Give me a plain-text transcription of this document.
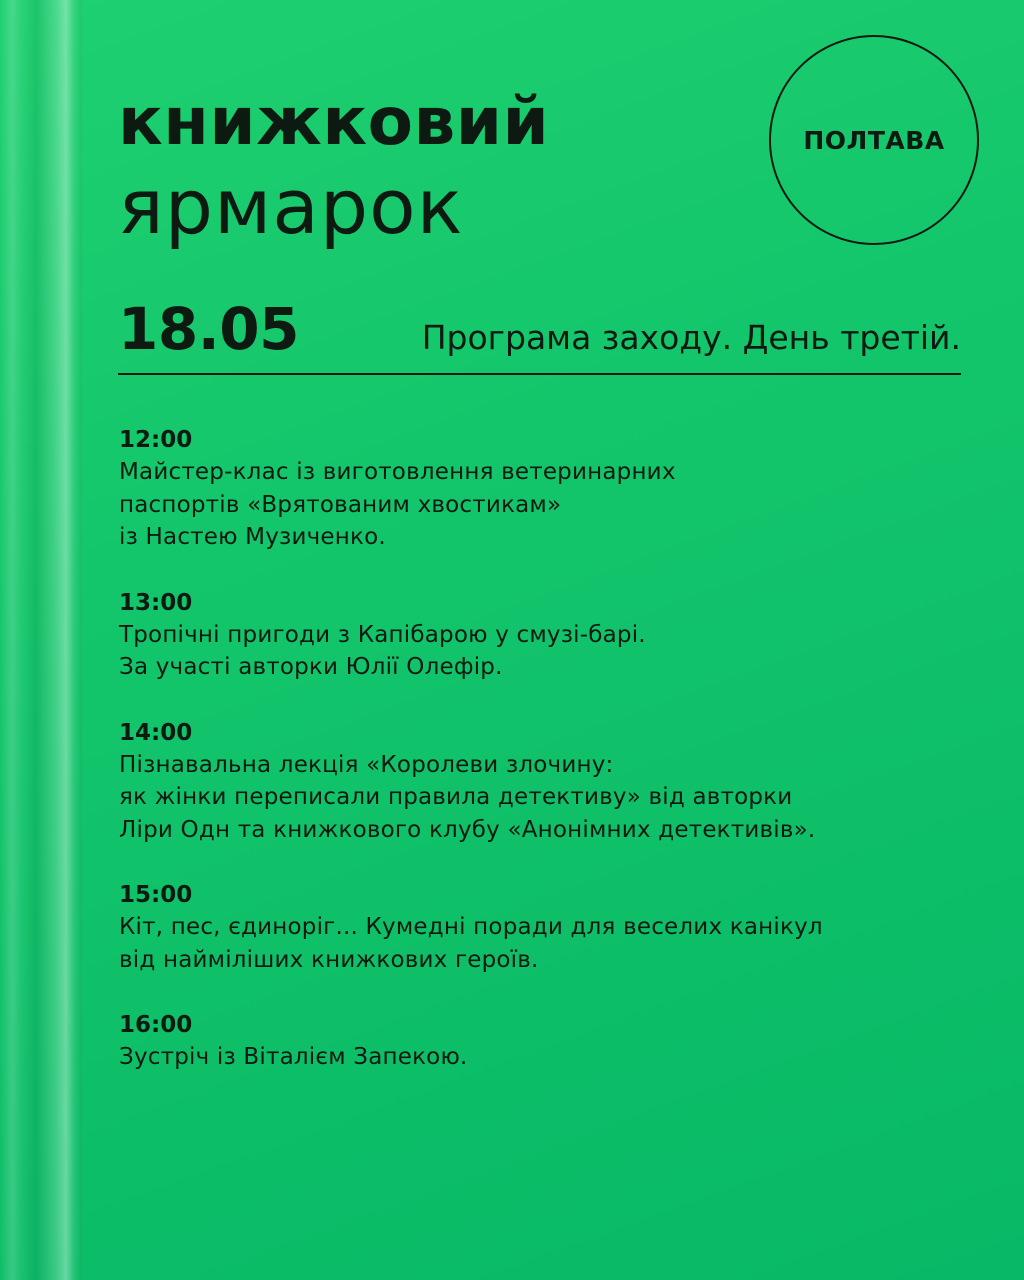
книжковий
ярмарок
ПОЛТАВА
18.05	Програма заходу. День третій.
12:00
Майстер-клас із виготовлення ветеринарних
паспортів «Врятованим хвостикам»
із Настею Музиченко.
13:00
Тропічні пригоди з Капібарою у смузі-барі.
За участі авторки Юлії Олефір.
14:00
Пізнавальна лекція «Королеви злочину:
як жінки переписали правила детективу» від авторки
Ліри Одн та книжкового клубу «Анонімних детективів».
15:00
Кіт, пес, єдиноріг... Кумедні поради для веселих канікул
від найміліших книжкових героїв.
16:00
Зустріч із Віталієм Запекою.
